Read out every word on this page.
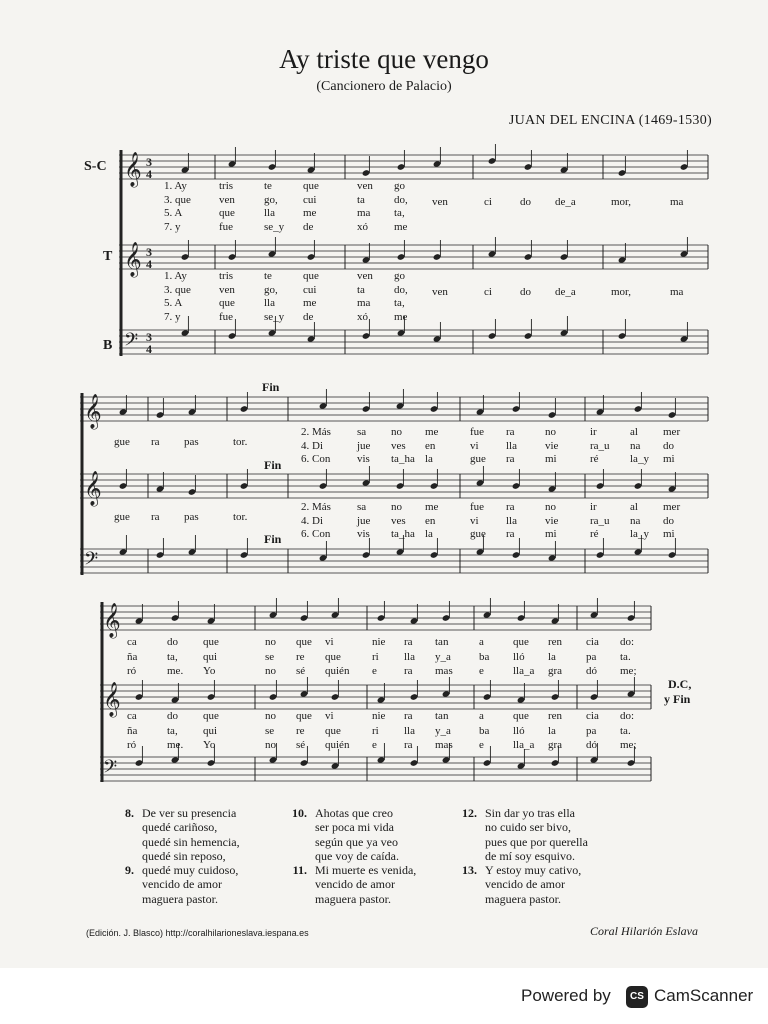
Ay triste que vengo
(Cancionero de Palacio)
JUAN DEL ENCINA (1469-1530)
S-C
T
B
Fin
Fin
Fin
D.C,
y Fin
𝄞
𝄞
𝄢
3
4
3
4
3
4
𝄞
𝄞
𝄢
𝄞
𝄞
𝄢
1. Ay
3. que
5. A
7. y
tris	te	que	ven go
ven	go, cui	ta	do,
que	lla	me	ma ta,
fue	se_y de	xó me
ven	ci	do de_a	mor,	ma
1. Ay
3. que
5. A
7. y
tris	te	que	ven go
ven	go, cui	ta	do,
que	lla	me	ma ta,
fue	se_y de	xó me
ven	ci	do de_a	mor,	ma
gue ra pas	tor.
2. Más
4. Di
6. Con
sa no me	fue ra	no	ir	al mer
jue ves en	vi lla	vie	ra_u na do
vis ta_ha la	gue ra	mi	ré	la_y mi
gue ra pas	tor.
2. Más
4. Di
6. Con
sa no me	fue ra	no	ir	al mer
jue ves en	vi lla	vie	ra_u na do
vis ta_ha la	gue ra	mi	ré	la_y mi
ca	do que	no que vi	nie ra tan	a	que ren cia do:
ña	ta, qui	se re que	ri lla y_a	ba lló la	pa ta.
ró	me. Yo	no sé quién e ra mas e	lla_a gra dó me;
ca	do que	no que vi	nie ra tan	a	que ren cia do:
ña	ta, qui	se re que	ri lla y_a	ba lló la	pa ta.
ró	me. Yo	no sé quién e ra mas e	lla_a gra dó me;
8. De ver su presencia
quedé cariñoso,
quedé sin hemencia,
quedé sin reposo,
9. quedé muy cuidoso,
vencido de amor
maguera pastor.
10. Ahotas que creo
ser poca mi vida
según que ya veo
que voy de caída.
11. Mi muerte es venida,
vencido de amor
maguera pastor.
12. Sin dar yo tras ella
no cuido ser bivo,
pues que por querella
de mí soy esquivo.
13. Y estoy muy cativo,
vencido de amor
maguera pastor.
(Edición. J. Blasco) http://coralhilarioneslava.iespana.es	Coral Hilarión Eslava
Powered by	CS CamScanner
